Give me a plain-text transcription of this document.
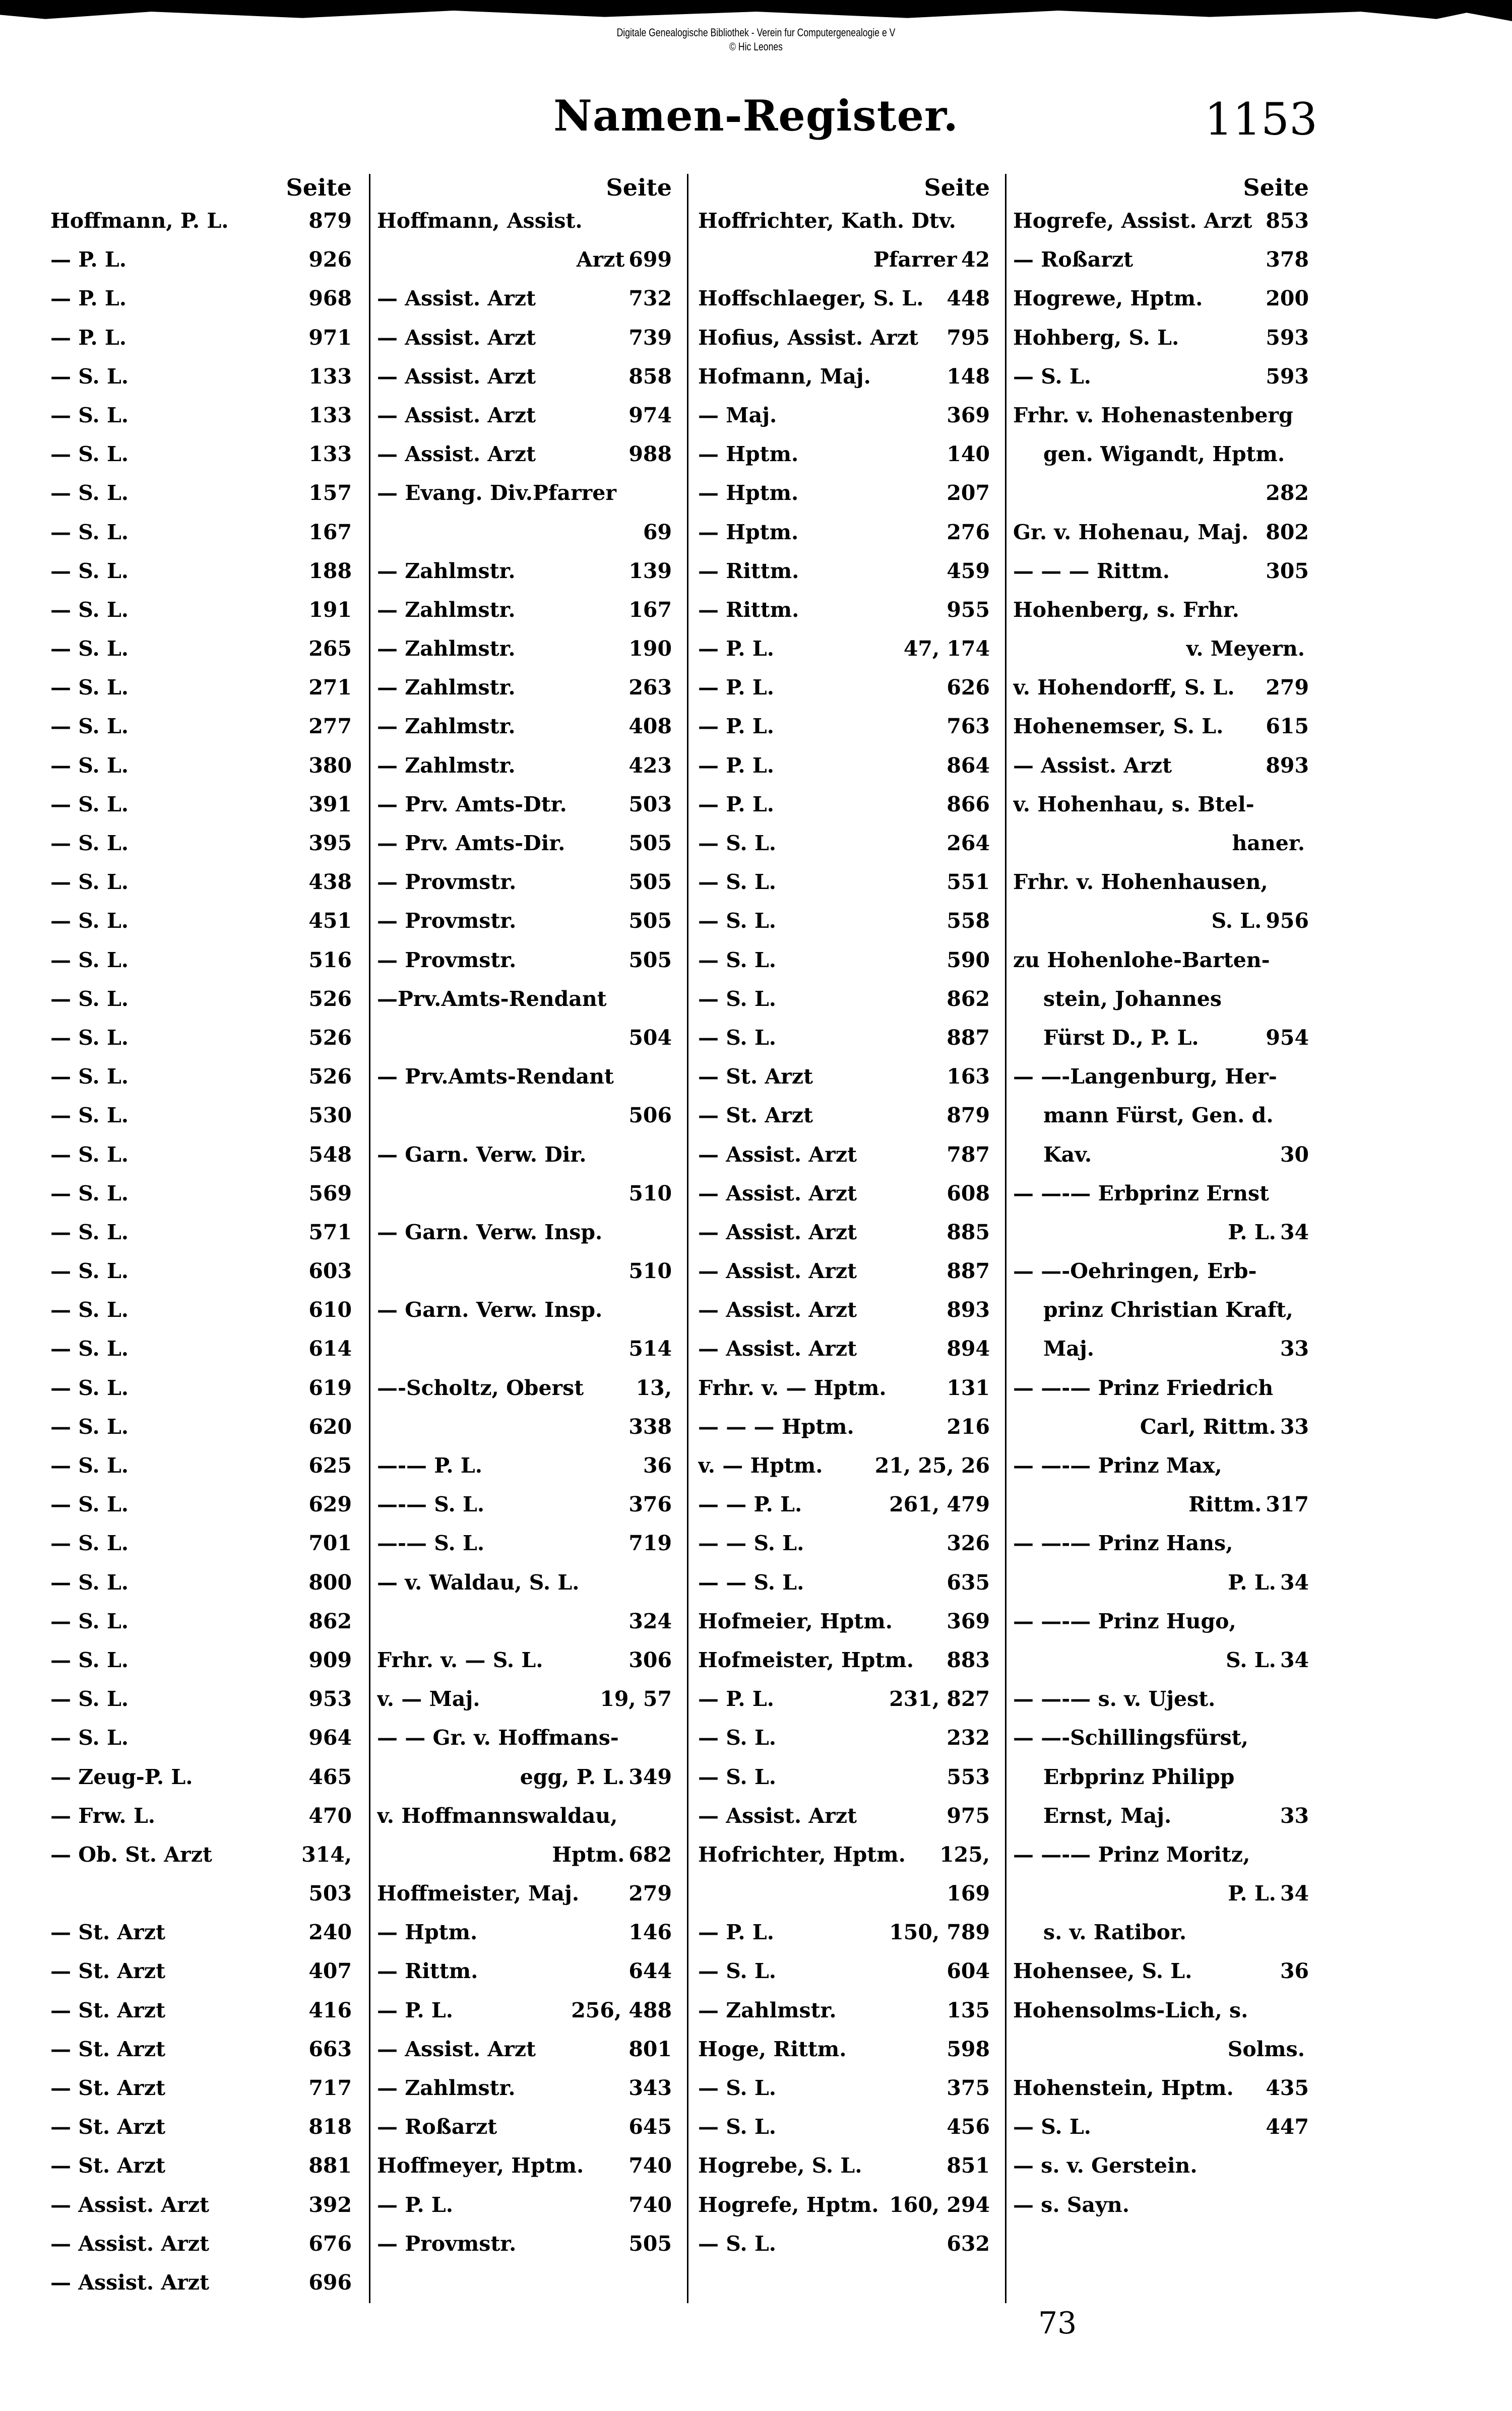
Digitale Genealogische Bibliothek - Verein fur Computergenealogie e V
© Hic Leones
Namen-Register.	1153
Seite
Hoffmann, P. L.	879
— P. L.	926
— P. L.	968
— P. L.	971
— S. L.	133
— S. L.	133
— S. L.	133
— S. L.	157
— S. L.	167
— S. L.	188
— S. L.	191
— S. L.	265
— S. L.	271
— S. L.	277
— S. L.	380
— S. L.	391
— S. L.	395
— S. L.	438
— S. L.	451
— S. L.	516
— S. L.	526
— S. L.	526
— S. L.	526
— S. L.	530
— S. L.	548
— S. L.	569
— S. L.	571
— S. L.	603
— S. L.	610
— S. L.	614
— S. L.	619
— S. L.	620
— S. L.	625
— S. L.	629
— S. L.	701
— S. L.	800
— S. L.	862
— S. L.	909
— S. L.	953
— S. L.	964
— Zeug-P. L.	465
— Frw. L.	470
— Ob. St. Arzt	314,
503
— St. Arzt	240
— St. Arzt	407
— St. Arzt	416
— St. Arzt	663
— St. Arzt	717
— St. Arzt	818
— St. Arzt	881
— Assist. Arzt	392
— Assist. Arzt	676
— Assist. Arzt	696
Seite
Hoffmann, Assist.
Arzt 699
— Assist. Arzt	732
— Assist. Arzt	739
— Assist. Arzt	858
— Assist. Arzt	974
— Assist. Arzt	988
— Evang. Div.Pfarrer
69
— Zahlmstr.	139
— Zahlmstr.	167
— Zahlmstr.	190
— Zahlmstr.	263
— Zahlmstr.	408
— Zahlmstr.	423
— Prv. Amts-Dtr.	503
— Prv. Amts-Dir.	505
— Provmstr.	505
— Provmstr.	505
— Provmstr.	505
—Prv.Amts-Rendant
504
— Prv.Amts-Rendant
506
— Garn. Verw. Dir.
510
— Garn. Verw. Insp.
510
— Garn. Verw. Insp.
514
—-Scholtz, Oberst	13,
338
—-— P. L.	36
—-— S. L.	376
—-— S. L.	719
— v. Waldau, S. L.
324
Frhr. v. — S. L.	306
v. — Maj.	19, 57
— — Gr. v. Hoffmans-
egg, P. L. 349
v. Hoffmannswaldau,
Hptm. 682
Hoffmeister, Maj.	279
— Hptm.	146
— Rittm.	644
— P. L.	256, 488
— Assist. Arzt	801
— Zahlmstr.	343
— Roßarzt	645
Hoffmeyer, Hptm.	740
— P. L.	740
— Provmstr.	505
Seite
Hoffrichter, Kath. Dtv.
Pfarrer 42
Hoffschlaeger, S. L.	448
Hofius, Assist. Arzt	795
Hofmann, Maj.	148
— Maj.	369
— Hptm.	140
— Hptm.	207
— Hptm.	276
— Rittm.	459
— Rittm.	955
— P. L.	47, 174
— P. L.	626
— P. L.	763
— P. L.	864
— P. L.	866
— S. L.	264
— S. L.	551
— S. L.	558
— S. L.	590
— S. L.	862
— S. L.	887
— St. Arzt	163
— St. Arzt	879
— Assist. Arzt	787
— Assist. Arzt	608
— Assist. Arzt	885
— Assist. Arzt	887
— Assist. Arzt	893
— Assist. Arzt	894
Frhr. v. — Hptm.	131
— — — Hptm.	216
v. — Hptm.	21, 25, 26
— — P. L.	261, 479
— — S. L.	326
— — S. L.	635
Hofmeier, Hptm.	369
Hofmeister, Hptm.	883
— P. L.	231, 827
— S. L.	232
— S. L.	553
— Assist. Arzt	975
Hofrichter, Hptm.	125,
169
— P. L.	150, 789
— S. L.	604
— Zahlmstr.	135
Hoge, Rittm.	598
— S. L.	375
— S. L.	456
Hogrebe, S. L.	851
Hogrefe, Hptm. 160, 294
— S. L.	632
Seite
Hogrefe, Assist. Arzt 853
— Roßarzt	378
Hogrewe, Hptm.	200
Hohberg, S. L.	593
— S. L.	593
Frhr. v. Hohenastenberg
gen. Wigandt, Hptm.
282
Gr. v. Hohenau, Maj. 802
— — — Rittm.	305
Hohenberg, s. Frhr.
v. Meyern.
v. Hohendorff, S. L.	279
Hohenemser, S. L.	615
— Assist. Arzt	893
v. Hohenhau, s. Btel-
haner.
Frhr. v. Hohenhausen,
S. L. 956
zu Hohenlohe-Barten-
stein, Johannes
Fürst D., P. L.	954
— —-Langenburg, Her-
mann Fürst, Gen. d.
Kav.	30
— —-— Erbprinz Ernst
P. L. 34
— —-Oehringen, Erb-
prinz Christian Kraft,
Maj.	33
— —-— Prinz Friedrich
Carl, Rittm. 33
— —-— Prinz Max,
Rittm. 317
— —-— Prinz Hans,
P. L. 34
— —-— Prinz Hugo,
S. L. 34
— —-— s. v. Ujest.
— —-Schillingsfürst,
Erbprinz Philipp
Ernst, Maj.	33
— —-— Prinz Moritz,
P. L. 34
s. v. Ratibor.
Hohensee, S. L.	36
Hohensolms-Lich, s.
Solms.
Hohenstein, Hptm.	435
— S. L.	447
— s. v. Gerstein.
— s. Sayn.
73
